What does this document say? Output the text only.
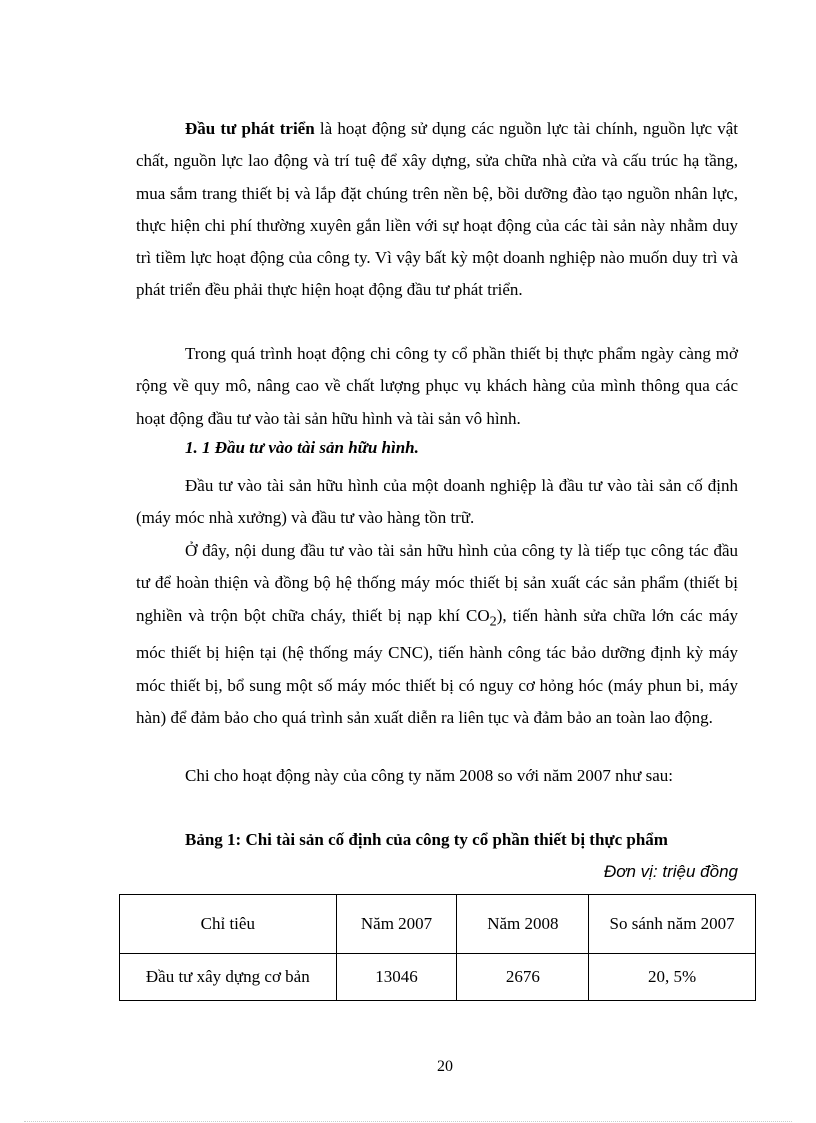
Đầu tư phát triển là hoạt động sử dụng các nguồn lực tài chính, nguồn lực vật chất, nguồn lực lao động và trí tuệ để xây dựng, sửa chữa nhà cửa và cấu trúc hạ tầng, mua sắm trang thiết bị và lắp đặt chúng trên nền bệ, bồi dưỡng đào tạo nguồn nhân lực, thực hiện chi phí thường xuyên gắn liền với sự hoạt động của các tài sản này nhằm duy trì tiềm lực hoạt động của công ty. Vì vậy bất kỳ một doanh nghiệp nào muốn duy trì và phát triển đều phải thực hiện hoạt động đầu tư phát triển.

Trong quá trình hoạt động chi công ty cổ phần thiết bị thực phẩm ngày càng mở rộng về quy mô, nâng cao về chất lượng phục vụ khách hàng của mình thông qua các hoạt động đầu tư vào tài sản hữu hình và tài sản vô hình.

1. 1 Đầu tư vào tài sản hữu hình.

Đầu tư vào tài sản hữu hình của một doanh nghiệp là đầu tư vào tài sản cố định (máy móc nhà xưởng) và đầu tư vào hàng tồn trữ.

Ở đây, nội dung đầu tư vào tài sản hữu hình của công ty là tiếp tục công tác đầu tư để hoàn thiện và đồng bộ hệ thống máy móc thiết bị sản xuất các sản phẩm (thiết bị nghiền và trộn bột chữa cháy, thiết bị nạp khí $CO_2$), tiến hành sửa chữa lớn các máy móc thiết bị hiện tại (hệ thống máy CNC), tiến hành công tác bảo dưỡng định kỳ máy móc thiết bị, bổ sung một số máy móc thiết bị có nguy cơ hỏng hóc (máy phun bi, máy hàn) để đảm bảo cho quá trình sản xuất diễn ra liên tục và đảm bảo an toàn lao động.

Chi cho hoạt động này của công ty năm 2008 so với năm 2007 như sau:

Bảng 1: Chi tài sản cố định của công ty cổ phần thiết bị thực phẩm

Đơn vị: triệu đồng

Chỉ tiêu	Năm 2007	Năm 2008	So sánh năm 2007
Đầu tư xây dựng cơ bản	13046	2676	20, 5%

20
